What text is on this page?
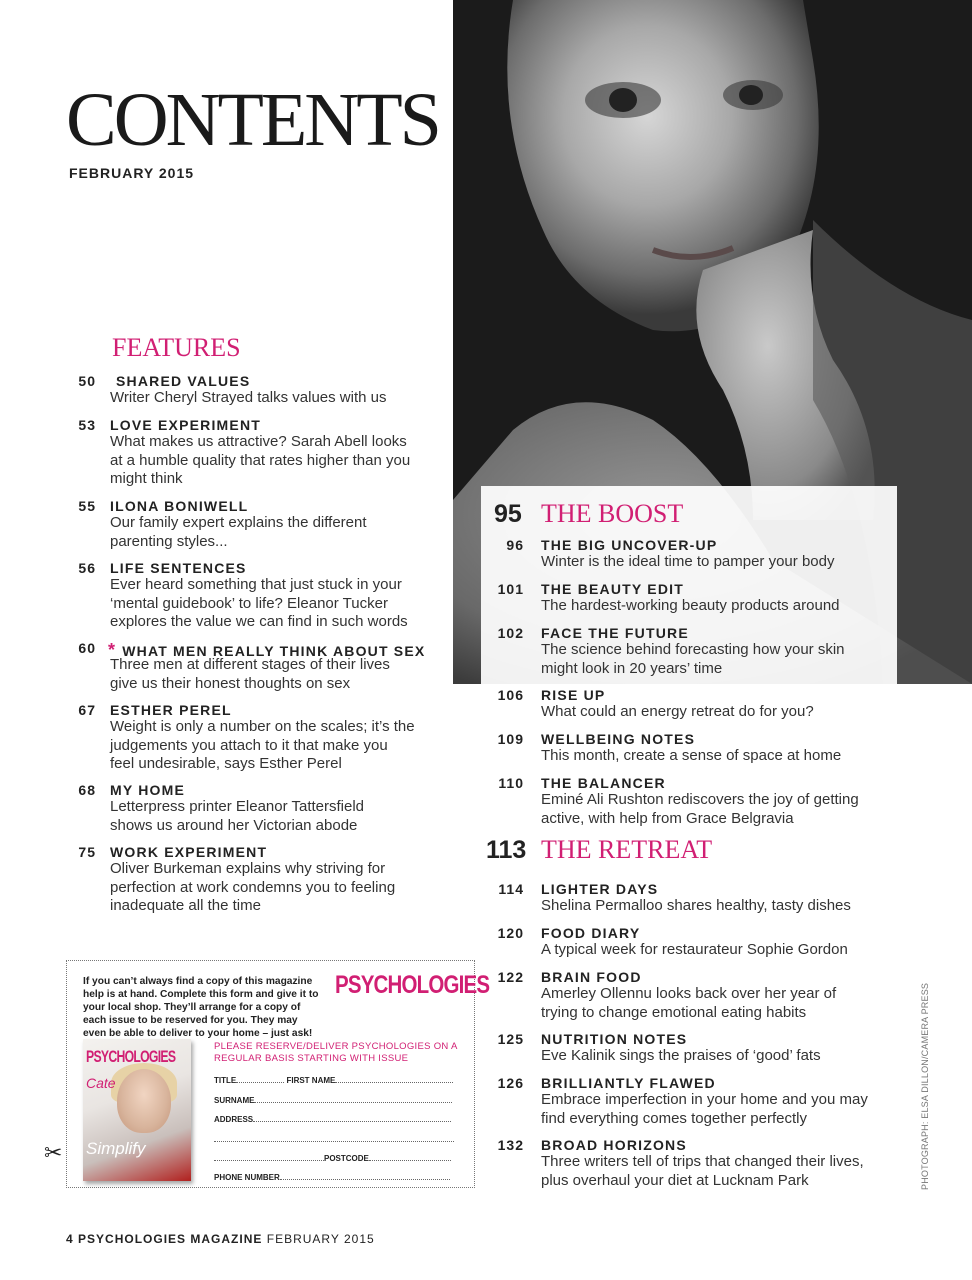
CONTENTS
FEBRUARY 2015
FEATURES
50	SHARED VALUES
Writer Cheryl Strayed talks values with us
53 LOVE EXPERIMENT
What makes us attractive? Sarah Abell looks at a humble quality that rates higher than you might think
55 ILONA BONIWELL
Our family expert explains the different parenting styles...
56 LIFE SENTENCES
Ever heard something that just stuck in your ‘mental guidebook’ to life? Eleanor Tucker explores the value we can find in such words
60 * WHAT MEN REALLY THINK ABOUT SEX
Three men at different stages of their lives give us their honest thoughts on sex
67 ESTHER PEREL
Weight is only a number on the scales; it’s the judgements you attach to it that make you feel undesirable, says Esther Perel
68 MY HOME
Letterpress printer Eleanor Tattersfield shows us around her Victorian abode
75 WORK EXPERIMENT
Oliver Burkeman explains why striving for perfection at work condemns you to feeling inadequate all the time
95 THE BOOST
96 THE BIG UNCOVER-UP
Winter is the ideal time to pamper your body
101 THE BEAUTY EDIT
The hardest-working beauty products around
102 FACE THE FUTURE
The science behind forecasting how your skin might look in 20 years’ time
106 RISE UP
What could an energy retreat do for you?
109 WELLBEING NOTES
This month, create a sense of space at home
110 THE BALANCER
Eminé Ali Rushton rediscovers the joy of getting active, with help from Grace Belgravia
113 THE RETREAT
114 LIGHTER DAYS
Shelina Permalloo shares healthy, tasty dishes
120 FOOD DIARY
A typical week for restaurateur Sophie Gordon
122 BRAIN FOOD
Amerley Ollennu looks back over her year of trying to change emotional eating habits
125 NUTRITION NOTES
Eve Kalinik sings the praises of ‘good’ fats
126 BRILLIANTLY FLAWED
Embrace imperfection in your home and you may find everything comes together perfectly
132 BROAD HORIZONS
Three writers tell of trips that changed their lives, plus overhaul your diet at Lucknam Park
✂
If you can’t always find a copy of this magazine help is at hand. Complete this form and give it to your local shop. They’ll arrange for a copy of each issue to be reserved for you. They may even be able to deliver to your home – just ask!
PSYCHOLOGIES
PSYCHOLOGIES
Cate
Simplify
PLEASE RESERVE/DELIVER PSYCHOLOGIES ON A REGULAR BASIS STARTING WITH ISSUE
TITLE	FIRST NAME
SURNAME
ADDRESS
POSTCODE
PHONE NUMBER	PHOTOGRAPH: ELSA DILLON/CAMERA PRESS
4 PSYCHOLOGIES MAGAZINE FEBRUARY 2015
